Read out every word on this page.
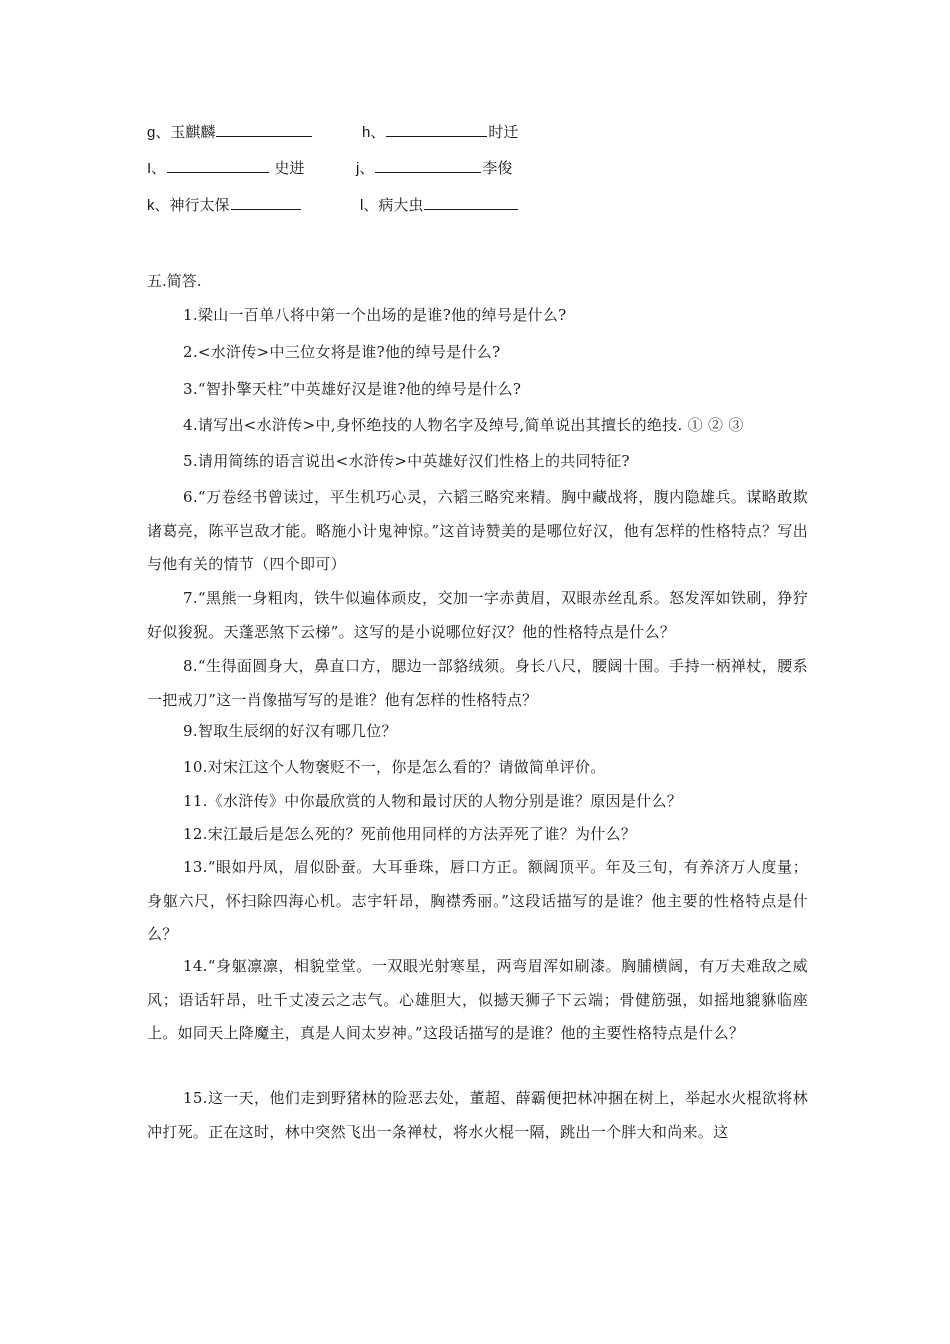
g、玉麒麟	h、	时迁
I、	史进	j、	李俊
k、神行太保	l、病大虫
五.简答.
1.梁山一百单八将中第一个出场的是谁?他的绰号是什么?
2.<水浒传>中三位女将是谁?他的绰号是什么?
3.“智扑擎天柱”中英雄好汉是谁?他的绰号是什么?
4.请写出<水浒传>中,身怀绝技的人物名字及绰号,简单说出其擅长的绝技. ① ② ③
5.请用简练的语言说出<水浒传>中英雄好汉们性格上的共同特征?
6.“万卷经书曾读过，平生机巧心灵，六韬三略究来精。胸中藏战将，腹内隐雄兵。谋略敢欺诸葛亮，陈平岂敌才能。略施小计鬼神惊。”这首诗赞美的是哪位好汉，他有怎样的性格特点？写出与他有关的情节（四个即可）
7.“黑熊一身粗肉，铁牛似遍体顽皮，交加一字赤黄眉，双眼赤丝乱系。怒发浑如铁刷，狰狞好似狻猊。天蓬恶煞下云梯”。这写的是小说哪位好汉？他的性格特点是什么？
8.“生得面圆身大，鼻直口方，腮边一部貉绒须。身长八尺，腰阔十围。手持一柄禅杖，腰系一把戒刀”这一肖像描写写的是谁？他有怎样的性格特点？
9.智取生辰纲的好汉有哪几位？
10.对宋江这个人物褒贬不一，你是怎么看的？请做简单评价。
11.《水浒传》中你最欣赏的人物和最讨厌的人物分别是谁？原因是什么？
12.宋江最后是怎么死的？死前他用同样的方法弄死了谁？为什么？
13.“眼如丹凤，眉似卧蚕。大耳垂珠，唇口方正。额阔顶平。年及三旬，有养济万人度量；身躯六尺，怀扫除四海心机。志宇轩昂，胸襟秀丽。”这段话描写的是谁？他主要的性格特点是什么？
14.“身躯凛凛，相貌堂堂。一双眼光射寒星，两弯眉浑如刷漆。胸脯横阔，有万夫难敌之威风；语话轩昂，吐千丈凌云之志气。心雄胆大，似撼天狮子下云端；骨健筋强，如摇地貔貅临座上。如同天上降魔主，真是人间太岁神。”这段话描写的是谁？他的主要性格特点是什么？
15.这一天，他们走到野猪林的险恶去处，董超、薛霸便把林冲捆在树上，举起水火棍欲将林冲打死。正在这时，林中突然飞出一条禅杖，将水火棍一隔，跳出一个胖大和尚来。这
